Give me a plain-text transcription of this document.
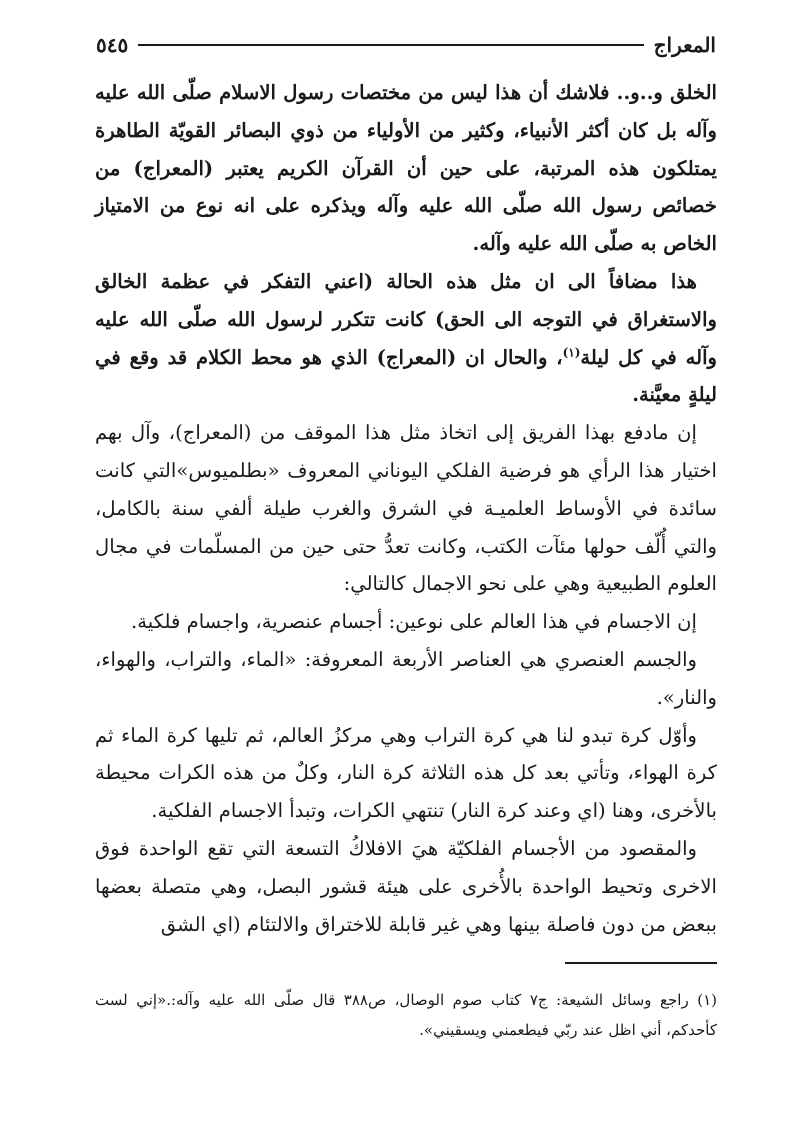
المعراج
٥٤٥

الخلق و..و.. فلاشك أن هذا ليس من مختصات رسول الاسلام صلّى الله عليه وآله بل كان أكثر الأنبياء، وكثير من الأولياء من ذوي البصائر القويّة الطاهرة يمتلكون هذه المرتبة، على حين أن القرآن الكريم يعتبر (المعراج) من خصائص رسول الله صلّى الله عليه وآله ويذكره على انه نوع من الامتياز الخاص به صلّى الله عليه وآله.

هذا مضافاً الى ان مثل هذه الحالة (اعني التفكر في عظمة الخالق والاستغراق في التوجه الى الحق) كانت تتكرر لرسول الله صلّى الله عليه وآله في كل ليلة$^{(١)}$، والحال ان (المعراج) الذي هو محط الكلام قد وقع في ليلةٍ معيَّنة.

إن مادفع بهذا الفريق إلى اتخاذ مثل هذا الموقف من (المعراج)، وآل بهم اختيار هذا الرأي هو فرضية الفلكي اليوناني المعروف «بطلميوس»التي كانت سائدة في الأوساط العلميـة في الشرق والغرب طيلة ألفي سنة بالكامل، والتي أُلّف حولها مئآت الكتب، وكانت تعدُّ حتى حين من المسلّمات في مجال العلوم الطبيعية وهي على نحو الاجمال كالتالي:

إن الاجسام في هذا العالم على نوعين: أجسام عنصرية، واجسام فلكية.

والجسم العنصري هي العناصر الأربعة المعروفة: «الماء، والتراب، والهواء، والنار».

وأوّل كرة تبدو لنا هي كرة التراب وهي مركزُ العالم، ثم تليها كرة الماء ثم كرة الهواء، وتأتي بعد كل هذه الثلاثة كرة النار، وكلٌ من هذه الكرات محيطة بالأخرى، وهنا (اي وعند كرة النار) تنتهي الكرات، وتبدأ الاجسام الفلكية.

والمقصود من الأجسام الفلكيّة هيَ الافلاكُ التسعة التي تقع الواحدة فوق الاخرى وتحيط الواحدة بالأُخرى على هيئة قشور البصل، وهي متصلة بعضها ببعض من دون فاصلة بينها وهي غير قابلة للاختراق والالتئام (اي الشق

(١) راجع وسائل الشيعة: ج٧ كتاب صوم الوصال، ص٣٨٨ قال صلّى الله عليه وآله:.«إني لست كأحدكم، أني اظل عند ربّي فيطعمني ويسقيني».
